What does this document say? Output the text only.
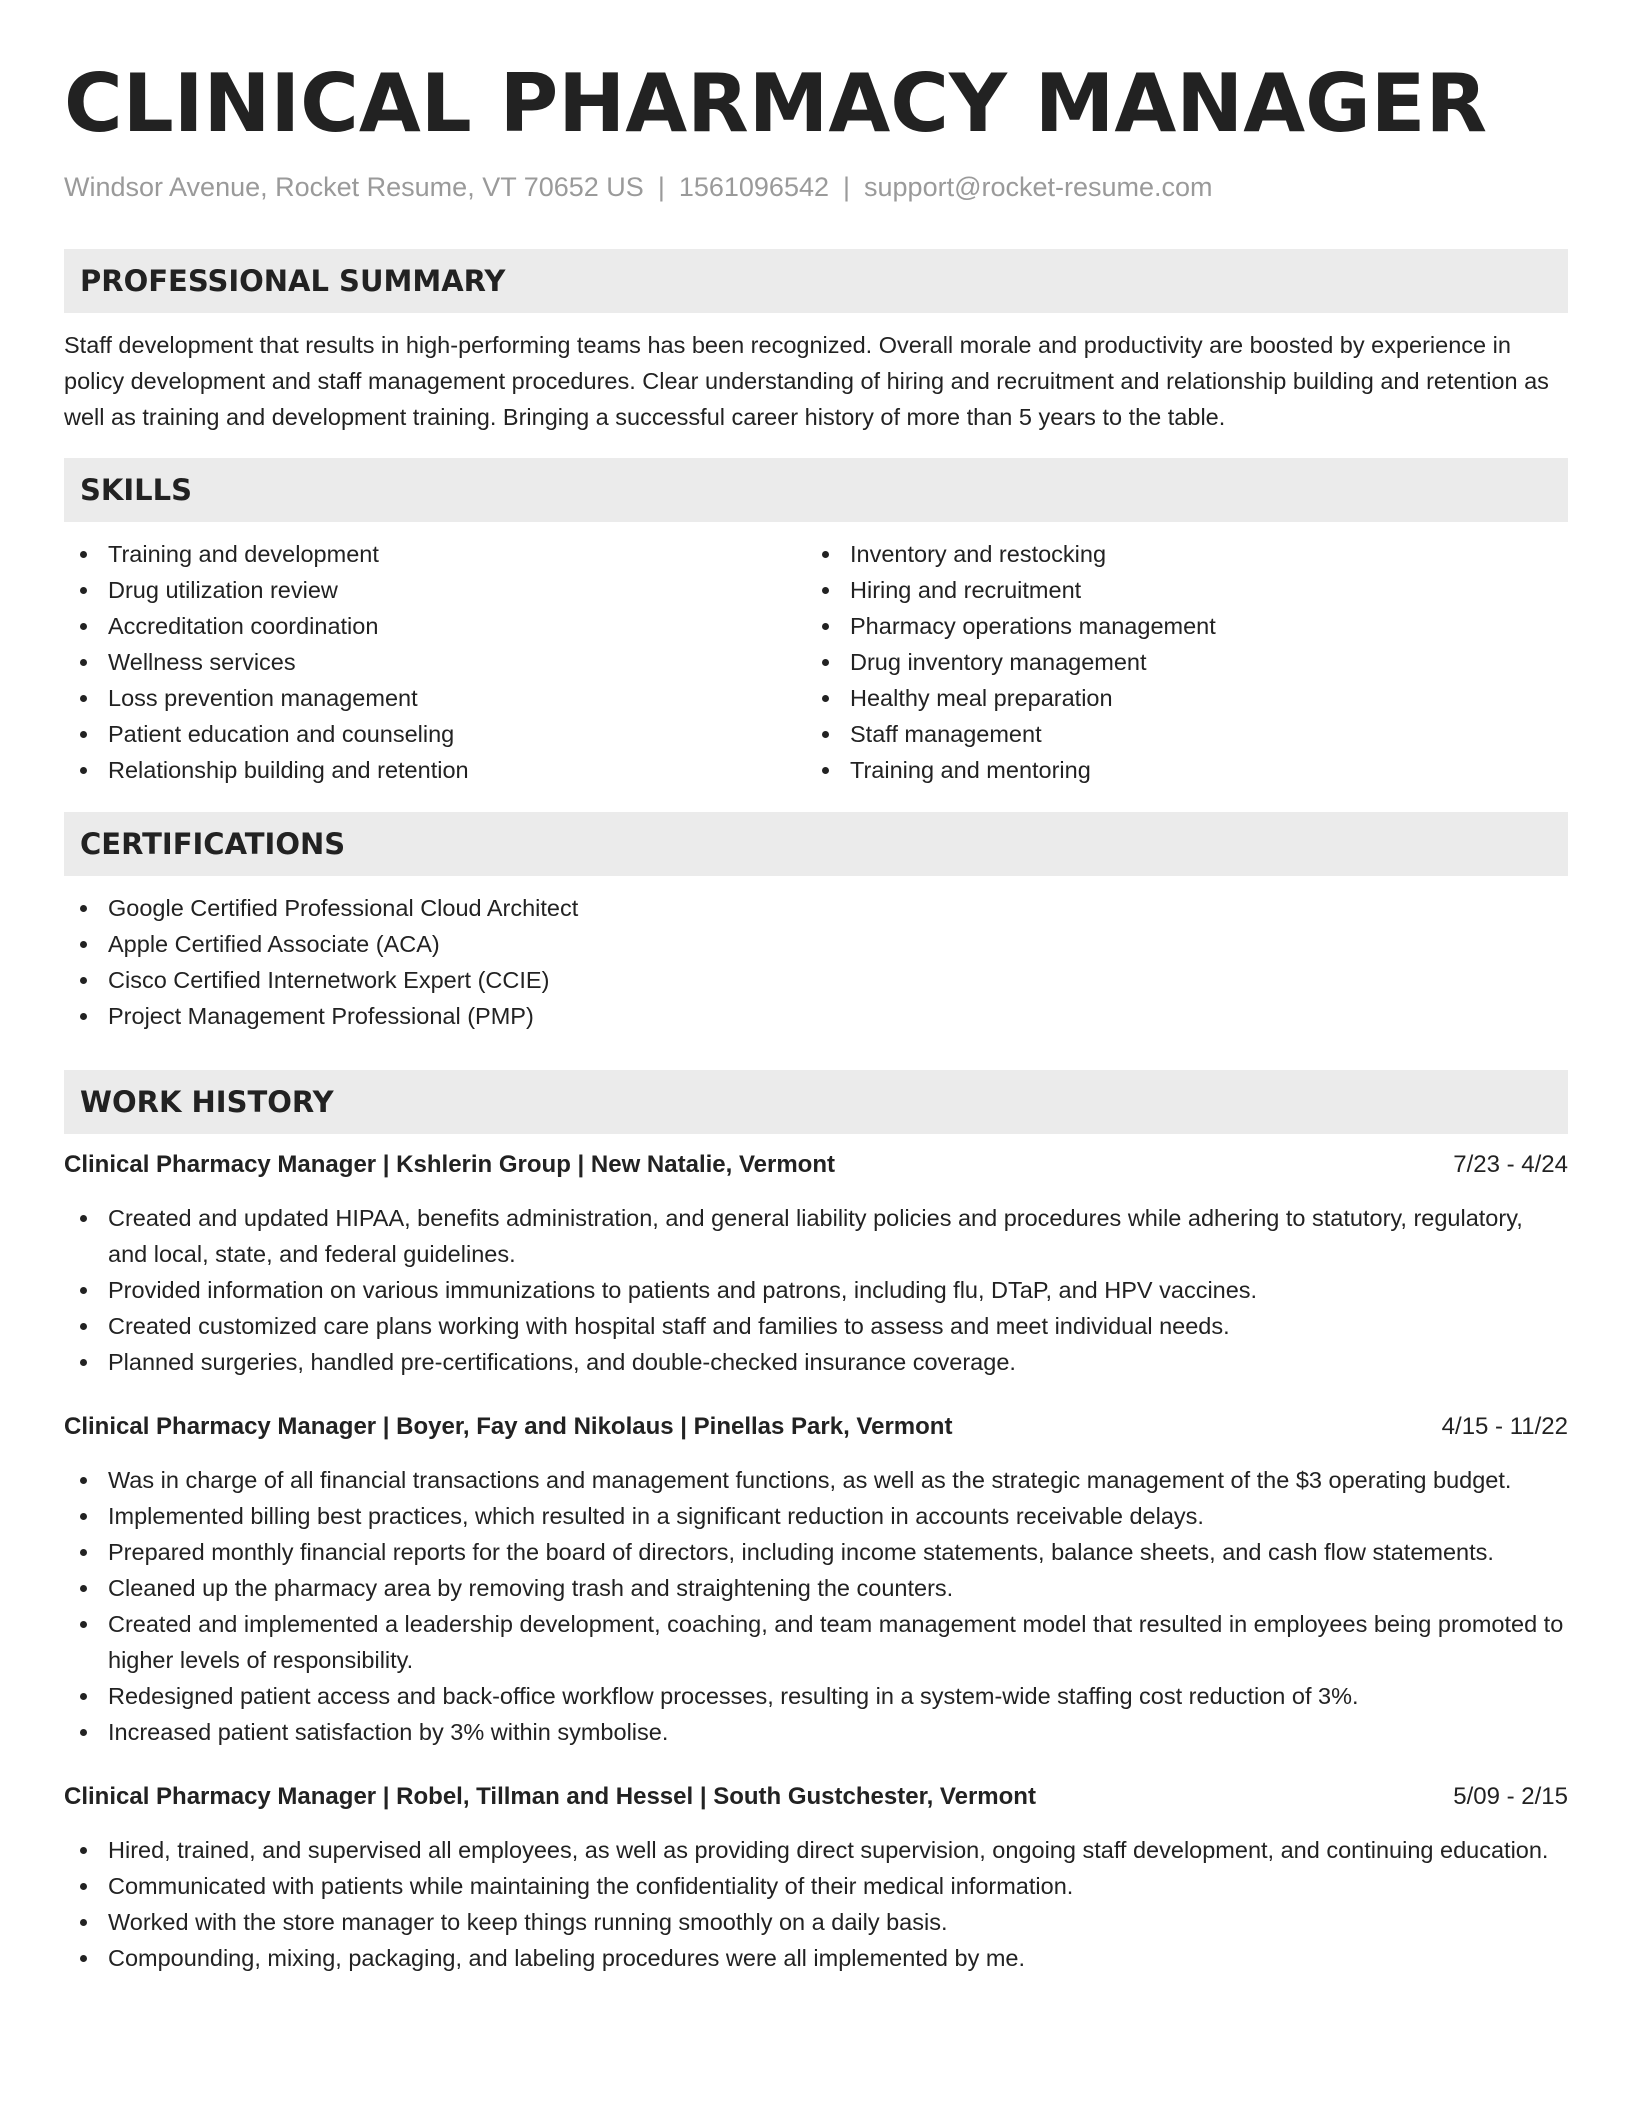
CLINICAL PHARMACY MANAGER
Windsor Avenue, Rocket Resume, VT 70652 US | 1561096542 | support@rocket-resume.com
PROFESSIONAL SUMMARY

Staff development that results in high-performing teams has been recognized. Overall morale and productivity are boosted by experience in policy development and staff management procedures. Clear understanding of hiring and recruitment and relationship building and retention as well as training and development training. Bringing a successful career history of more than 5 years to the table.

SKILLS
Training and development
Drug utilization review
Accreditation coordination
Wellness services
Loss prevention management
Patient education and counseling
Relationship building and retention
Inventory and restocking
Hiring and recruitment
Pharmacy operations management
Drug inventory management
Healthy meal preparation
Staff management
Training and mentoring
CERTIFICATIONS
Google Certified Professional Cloud Architect
Apple Certified Associate (ACA)
Cisco Certified Internetwork Expert (CCIE)
Project Management Professional (PMP)
WORK HISTORY
Clinical Pharmacy Manager | Kshlerin Group | New Natalie, Vermont	7/23 - 4/24
Created and updated HIPAA, benefits administration, and general liability policies and procedures while adhering to statutory, regulatory, and local, state, and federal guidelines.
Provided information on various immunizations to patients and patrons, including flu, DTaP, and HPV vaccines.
Created customized care plans working with hospital staff and families to assess and meet individual needs.
Planned surgeries, handled pre-certifications, and double-checked insurance coverage.
Clinical Pharmacy Manager | Boyer, Fay and Nikolaus | Pinellas Park, Vermont	4/15 - 11/22
Was in charge of all financial transactions and management functions, as well as the strategic management of the $3 operating budget.
Implemented billing best practices, which resulted in a significant reduction in accounts receivable delays.
Prepared monthly financial reports for the board of directors, including income statements, balance sheets, and cash flow statements.
Cleaned up the pharmacy area by removing trash and straightening the counters.
Created and implemented a leadership development, coaching, and team management model that resulted in employees being promoted to higher levels of responsibility.
Redesigned patient access and back-office workflow processes, resulting in a system-wide staffing cost reduction of 3%.
Increased patient satisfaction by 3% within symbolise.
Clinical Pharmacy Manager | Robel, Tillman and Hessel | South Gustchester, Vermont	5/09 - 2/15
Hired, trained, and supervised all employees, as well as providing direct supervision, ongoing staff development, and continuing education.
Communicated with patients while maintaining the confidentiality of their medical information.
Worked with the store manager to keep things running smoothly on a daily basis.
Compounding, mixing, packaging, and labeling procedures were all implemented by me.
